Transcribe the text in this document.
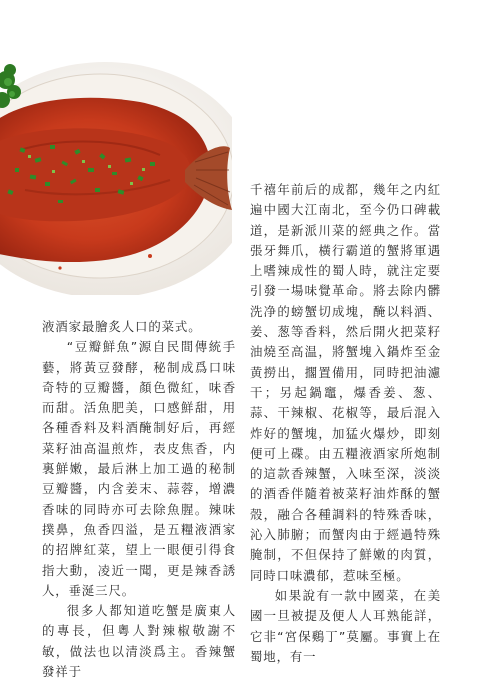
液酒家最膾炙人口的菜式。

“豆瓣鮮魚”源自民間傳統手藝，將黃豆發酵，秘制成爲口味奇特的豆瓣醬，顏色微紅，味香而甜。活魚肥美，口感鮮甜，用各種香料及料酒醃制好后，再經菜籽油高温煎炸，表皮焦香，内裏鮮嫩，最后淋上加工過的秘制豆瓣醬，内含姜末、蒜蓉，增濃香味的同時亦可去除魚腥。辣味撲鼻，魚香四溢，是五糧液酒家的招牌紅菜，望上一眼便引得食指大動，凌近一聞，更是辣香誘人，垂涎三尺。

很多人都知道吃蟹是廣東人的專長，但粵人對辣椒敬謝不敏，做法也以清淡爲主。香辣蟹發祥于

千禧年前后的成都，幾年之内紅遍中國大江南北，至今仍口碑載道，是新派川菜的經典之作。當張牙舞爪，橫行霸道的蟹將軍遇上嗜辣成性的蜀人時，就注定要引發一場味覺革命。將去除内髒洗净的螃蟹切成塊，醃以料酒、姜、葱等香料，然后開火把菜籽油燒至高温，將蟹塊入鍋炸至金黄撈出，擱置備用，同時把油濾干；另起鍋竈，爆香姜、葱、蒜、干辣椒、花椒等，最后混入炸好的蟹塊，加猛火爆炒，即刻便可上碟。由五糧液酒家所炮制的這款香辣蟹，入味至深，淡淡的酒香伴隨着被菜籽油炸酥的蟹殼，融合各種調料的特殊香味，沁入肺腑；而蟹肉由于經過特殊腌制，不但保持了鮮嫩的肉質，同時口味濃郁，惹味至極。

如果說有一款中國菜，在美國一旦被提及便人人耳熟能詳，它非“宮保鷄丁”莫屬。事實上在蜀地，有一
